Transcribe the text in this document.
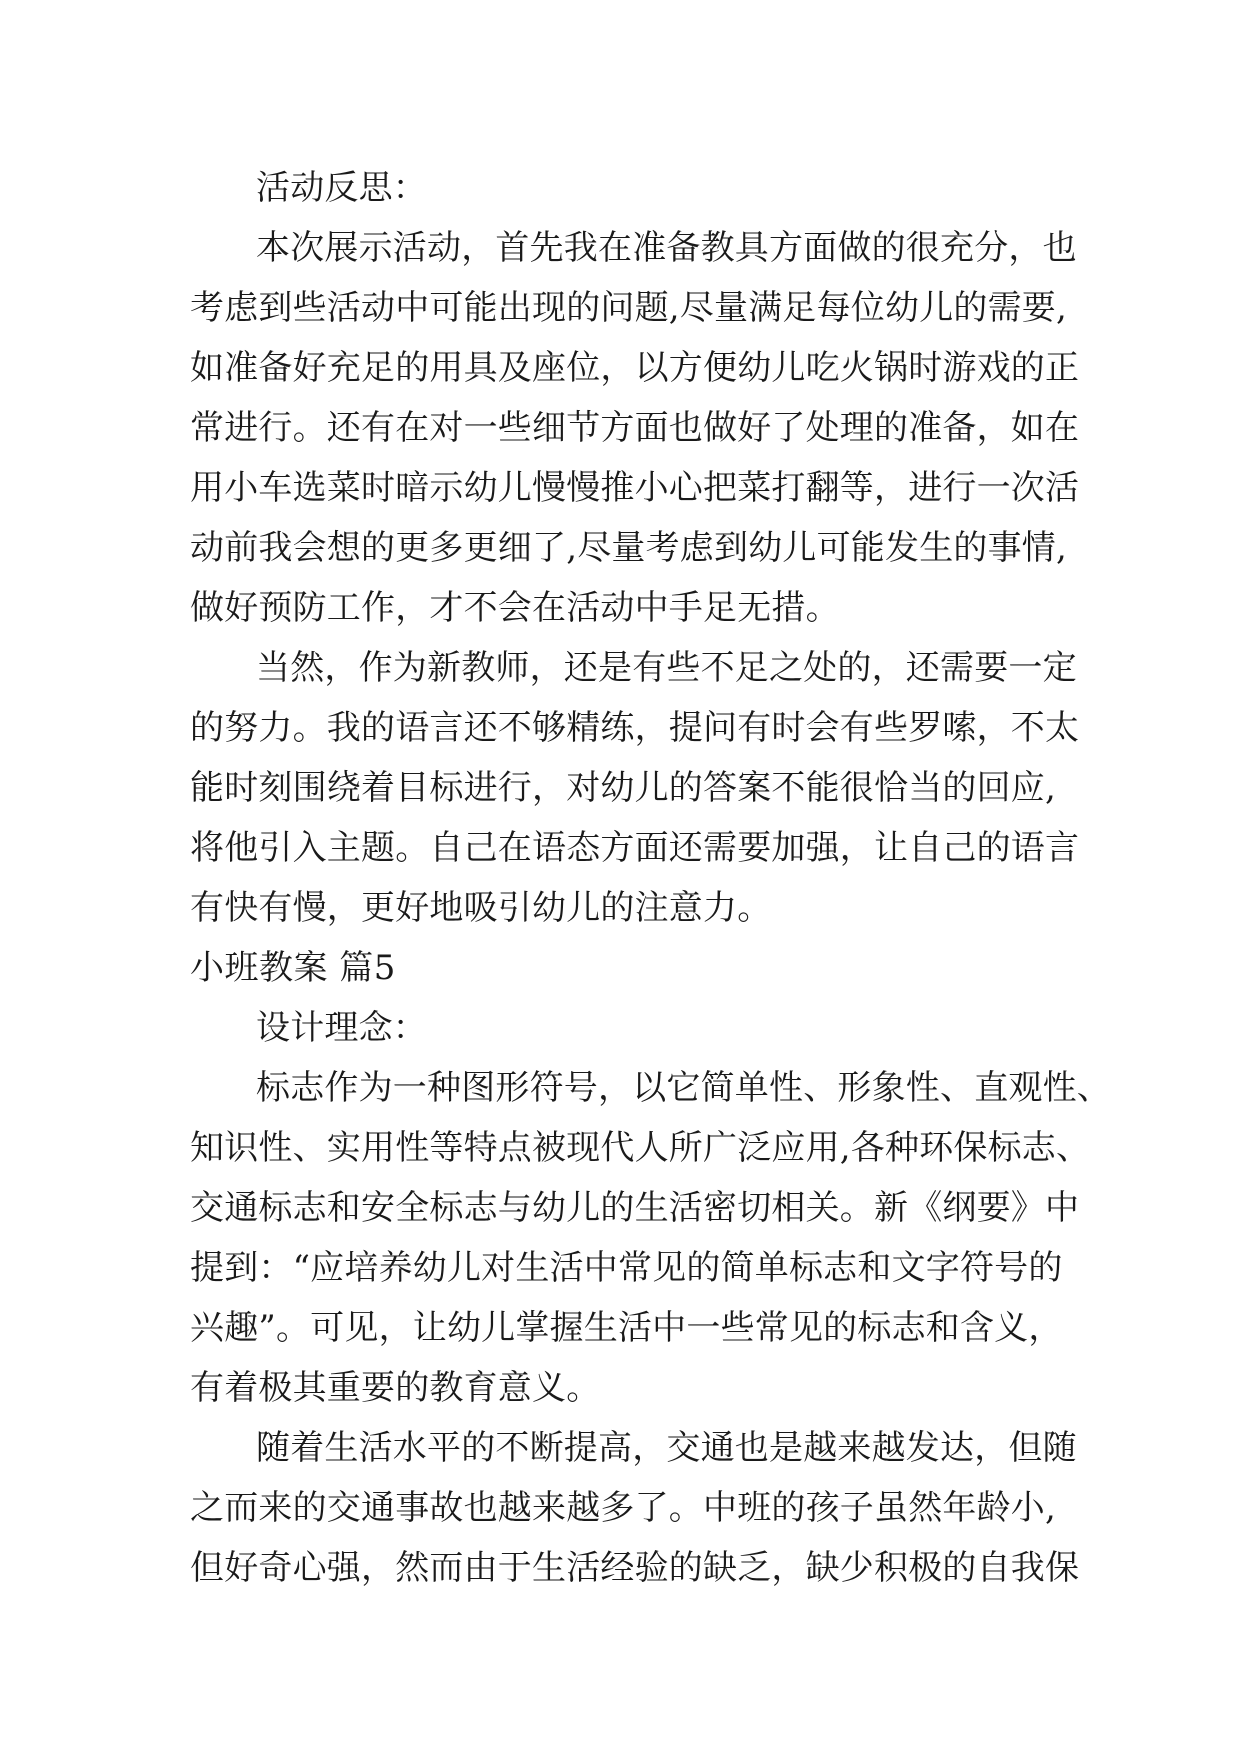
活动反思：

本次展示活动，首先我在准备教具方面做的很充分，也

考虑到些活动中可能出现的问题,尽量满足每位幼儿的需要,

如准备好充足的用具及座位，以方便幼儿吃火锅时游戏的正

常进行。还有在对一些细节方面也做好了处理的准备，如在

用小车选菜时暗示幼儿慢慢推小心把菜打翻等，进行一次活

动前我会想的更多更细了,尽量考虑到幼儿可能发生的事情,

做好预防工作，才不会在活动中手足无措。

当然，作为新教师，还是有些不足之处的，还需要一定

的努力。我的语言还不够精练，提问有时会有些罗嗦，不太

能时刻围绕着目标进行，对幼儿的答案不能很恰当的回应,

将他引入主题。自己在语态方面还需要加强，让自己的语言

有快有慢，更好地吸引幼儿的注意力。

小班教案 篇5

设计理念：

标志作为一种图形符号，以它简单性、形象性、直观性、

知识性、实用性等特点被现代人所广泛应用,各种环保标志、

交通标志和安全标志与幼儿的生活密切相关。新《纲要》中

提到：“应培养幼儿对生活中常见的简单标志和文字符号的

兴趣”。可见，让幼儿掌握生活中一些常见的标志和含义，

有着极其重要的教育意义。

随着生活水平的不断提高，交通也是越来越发达，但随

之而来的交通事故也越来越多了。中班的孩子虽然年龄小,

但好奇心强，然而由于生活经验的缺乏，缺少积极的自我保
